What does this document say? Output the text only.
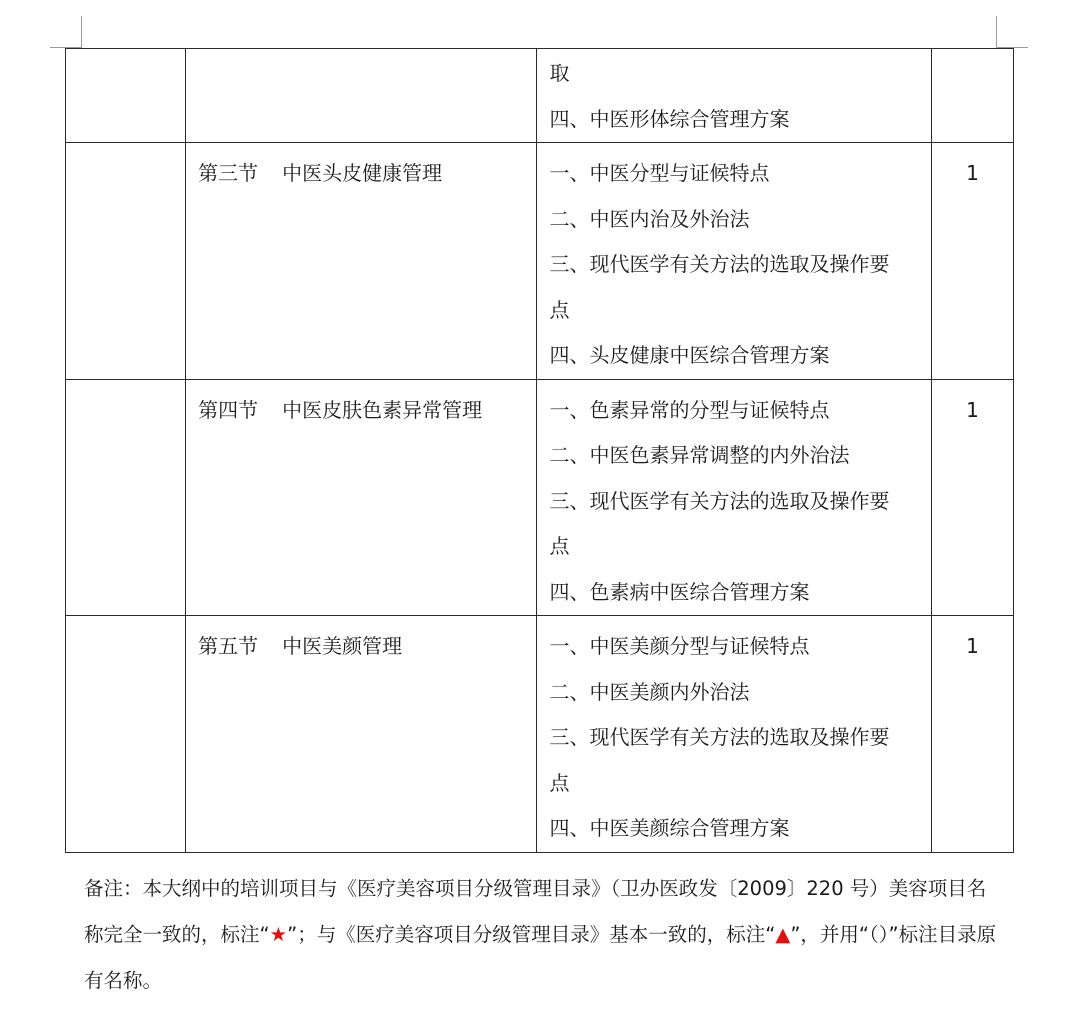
		取
四、中医形体综合管理方案	

	第三节 中医头皮健康管理	一、中医分型与证候特点
二、中医内治及外治法
三、现代医学有关方法的选取及操作要
点
四、头皮健康中医综合管理方案	1

	第四节 中医皮肤色素异常管理	一、色素异常的分型与证候特点
二、中医色素异常调整的内外治法
三、现代医学有关方法的选取及操作要
点
四、色素病中医综合管理方案	1

	第五节 中医美颜管理	一、中医美颜分型与证候特点
二、中医美颜内外治法
三、现代医学有关方法的选取及操作要
点
四、中医美颜综合管理方案	1

备注：本大纲中的培训项目与《医疗美容项目分级管理目录》（卫办医政发〔2009〕220 号）美容项目名称完全一致的，标注“★”；与《医疗美容项目分级管理目录》基本一致的，标注“▲”，并用“（）”标注目录原有名称。
